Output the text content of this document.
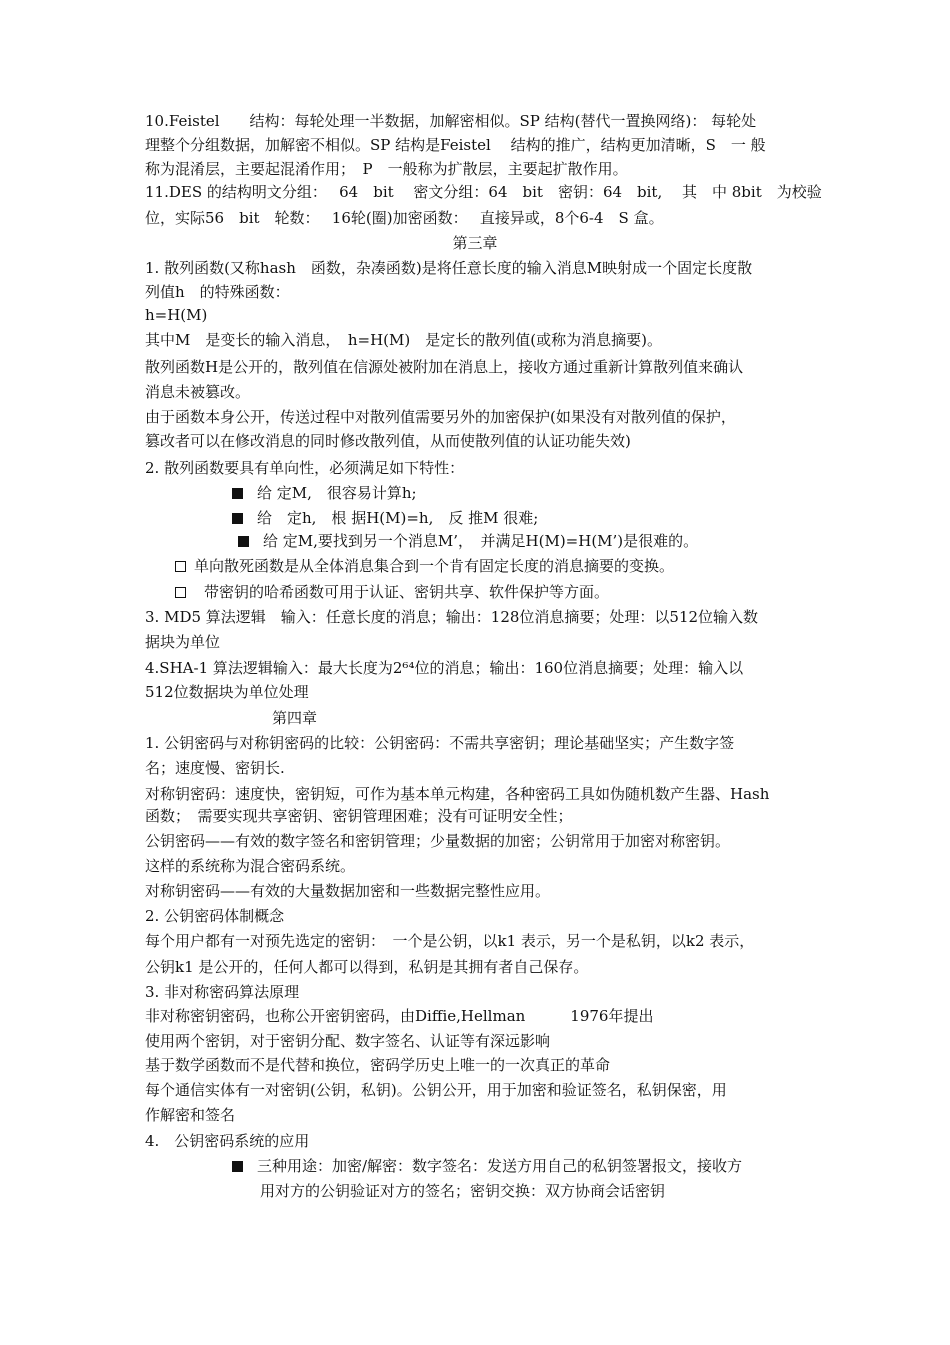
10.Feistel　　结构：每轮处理一半数据，加解密相似。SP 结构(替代一置换网络)： 每轮处
理整个分组数据，加解密不相似。SP 结构是Feistel　 结构的推广，结构更加清晰，S　一 般
称为混淆层，主要起混淆作用；　P　一般称为扩散层，主要起扩散作用。
11.DES 的结构明文分组：　 64　bit　 密文分组：64　bit　密钥：64　bit,　 其　中 8bit　为校验
位，实际56　bit　轮数：　 16轮(圈)加密函数：　 直接异或，8个6-4　S 盒。
第三章
1. 散列函数(又称hash　函数，杂凑函数)是将任意长度的输入消息M映射成一个固定长度散
列值h　的特殊函数：
h=H(M)
其中M　是变长的输入消息，　h=H(M)　是定长的散列值(或称为消息摘要)。
散列函数H是公开的，散列值在信源处被附加在消息上，接收方通过重新计算散列值来确认
消息未被篡改。
由于函数本身公开，传送过程中对散列值需要另外的加密保护(如果没有对散列值的保护，
篡改者可以在修改消息的同时修改散列值，从而使散列值的认证功能失效)
2. 散列函数要具有单向性，必须满足如下特性：
给 定M,　很容易计算h;
给　定h,　根 据H(M)=h,　反 推M 很难;
给 定M,要找到另一个消息M’，　并满足H(M)=H(M’)是很难的。
单向散死函数是从全体消息集合到一个肯有固定长度的消息摘要的变换。
带密钥的哈希函数可用于认证、密钥共享、软件保护等方面。
3. MD5 算法逻辑　输入：任意长度的消息；输出：128位消息摘要；处理：以512位输入数
据块为单位
4.SHA-1 算法逻辑输入：最大长度为2⁶⁴位的消息；输出：160位消息摘要；处理：输入以
512位数据块为单位处理
第四章
1. 公钥密码与对称钥密码的比较：公钥密码：不需共享密钥；理论基础坚实；产生数字签
名；速度慢、密钥长.
对称钥密码：速度快，密钥短，可作为基本单元构建，各种密码工具如伪随机数产生器、Hash
函数；　需要实现共享密钥、密钥管理困难；没有可证明安全性；
公钥密码——有效的数字签名和密钥管理；少量数据的加密；公钥常用于加密对称密钥。
这样的系统称为混合密码系统。
对称钥密码——有效的大量数据加密和一些数据完整性应用。
2. 公钥密码体制概念
每个用户都有一对预先选定的密钥：　一个是公钥，以k1 表示，另一个是私钥，以k2 表示，
公钥k1 是公开的，任何人都可以得到，私钥是其拥有者自己保存。
3. 非对称密码算法原理
非对称密钥密码，也称公开密钥密码，由Diffie,Hellman　　　1976年提出
使用两个密钥，对于密钥分配、数字签名、认证等有深远影响
基于数学函数而不是代替和换位，密码学历史上唯一的一次真正的革命
每个通信实体有一对密钥(公钥，私钥)。公钥公开，用于加密和验证签名，私钥保密，用
作解密和签名
4.　公钥密码系统的应用
三种用途：加密/解密：数字签名：发送方用自己的私钥签署报文，接收方
用对方的公钥验证对方的签名；密钥交换：双方协商会话密钥
